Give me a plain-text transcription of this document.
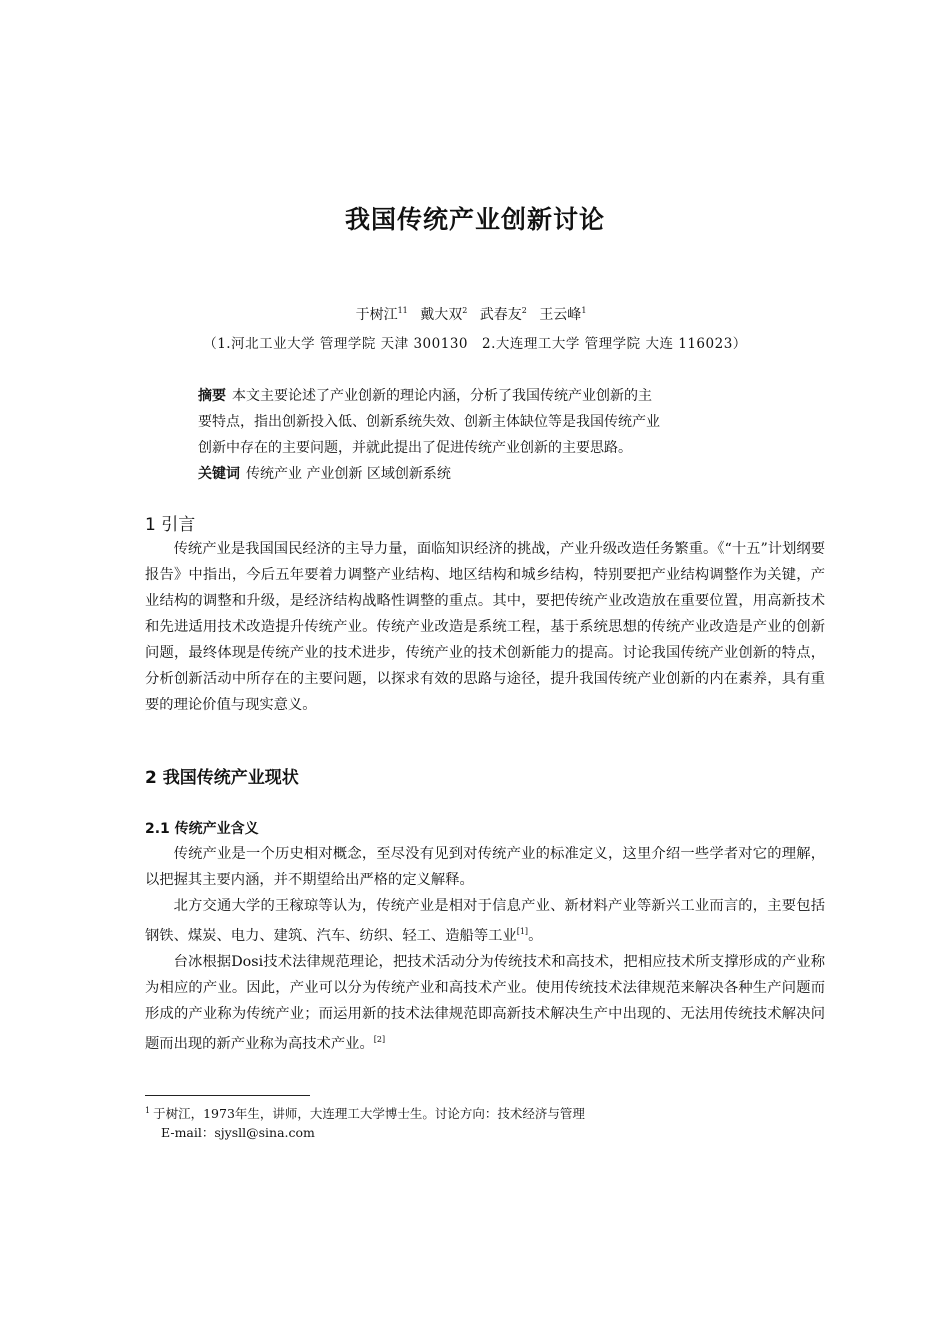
我国传统产业创新讨论
于树江$^{11}$ 戴大双$^2$ 武春友$^2$ 王云峰$^1$
（1.河北工业大学 管理学院 天津 300130　2.大连理工大学 管理学院 大连 116023）
摘要 本文主要论述了产业创新的理论内涵，分析了我国传统产业创新的主
要特点，指出创新投入低、创新系统失效、创新主体缺位等是我国传统产业
创新中存在的主要问题，并就此提出了促进传统产业创新的主要思路。
关键词 传统产业 产业创新 区域创新系统
1 引言

传统产业是我国国民经济的主导力量，面临知识经济的挑战，产业升级改造任务繁重。《“十五”计划纲要报告》中指出，今后五年要着力调整产业结构、地区结构和城乡结构，特别要把产业结构调整作为关键，产业结构的调整和升级，是经济结构战略性调整的重点。其中，要把传统产业改造放在重要位置，用高新技术和先进适用技术改造提升传统产业。传统产业改造是系统工程，基于系统思想的传统产业改造是产业的创新问题，最终体现是传统产业的技术进步，传统产业的技术创新能力的提高。讨论我国传统产业创新的特点，分析创新活动中所存在的主要问题，以探求有效的思路与途径，提升我国传统产业创新的内在素养，具有重要的理论价值与现实意义。

2 我国传统产业现状
2.1 传统产业含义

传统产业是一个历史相对概念，至尽没有见到对传统产业的标准定义，这里介绍一些学者对它的理解，以把握其主要内涵，并不期望给出严格的定义解释。

北方交通大学的王稼琼等认为，传统产业是相对于信息产业、新材料产业等新兴工业而言的，主要包括钢铁、煤炭、电力、建筑、汽车、纺织、轻工、造船等工业[1]。

台冰根据Dosi技术法律规范理论，把技术活动分为传统技术和高技术，把相应技术所支撑形成的产业称为相应的产业。因此，产业可以分为传统产业和高技术产业。使用传统技术法律规范来解决各种生产问题而形成的产业称为传统产业；而运用新的技术法律规范即高新技术解决生产中出现的、无法用传统技术解决问题而出现的新产业称为高技术产业。[2]

$^1$ 于树江，1973年生，讲师，大连理工大学博士生。讨论方向：技术经济与管理
E-mail：sjysll@sina.com
